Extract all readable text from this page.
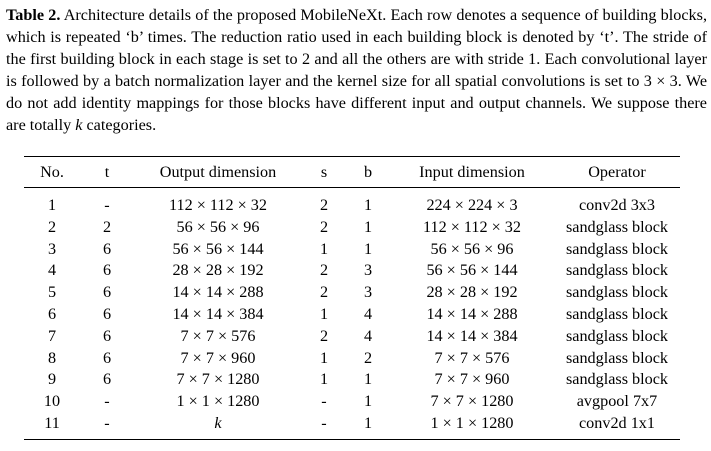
Table 2. Architecture details of the proposed MobileNeXt. Each row denotes a sequence of building blocks, which is repeated ‘b’ times. The reduction ratio used in each building block is denoted by ‘t’. The stride of the first building block in each stage is set to 2 and all the others are with stride 1. Each convolutional layer is followed by a batch normalization layer and the kernel size for all spatial convolutions is set to 3 × 3. We do not add identity mappings for those blocks have different input and output channels. We suppose there are totally k categories.
No.	t	Output dimension	s	b	Input dimension	Operator
1	-	112 × 112 × 32	2	1	224 × 224 × 3	conv2d 3x3
2	2	56 × 56 × 96	2	1	112 × 112 × 32	sandglass block
3	6	56 × 56 × 144	1	1	56 × 56 × 96	sandglass block
4	6	28 × 28 × 192	2	3	56 × 56 × 144	sandglass block
5	6	14 × 14 × 288	2	3	28 × 28 × 192	sandglass block
6	6	14 × 14 × 384	1	4	14 × 14 × 288	sandglass block
7	6	7 × 7 × 576	2	4	14 × 14 × 384	sandglass block
8	6	7 × 7 × 960	1	2	7 × 7 × 576	sandglass block
9	6	7 × 7 × 1280	1	1	7 × 7 × 960	sandglass block
10	-	1 × 1 × 1280	-	1	7 × 7 × 1280	avgpool 7x7
11	-	k	-	1	1 × 1 × 1280	conv2d 1x1
